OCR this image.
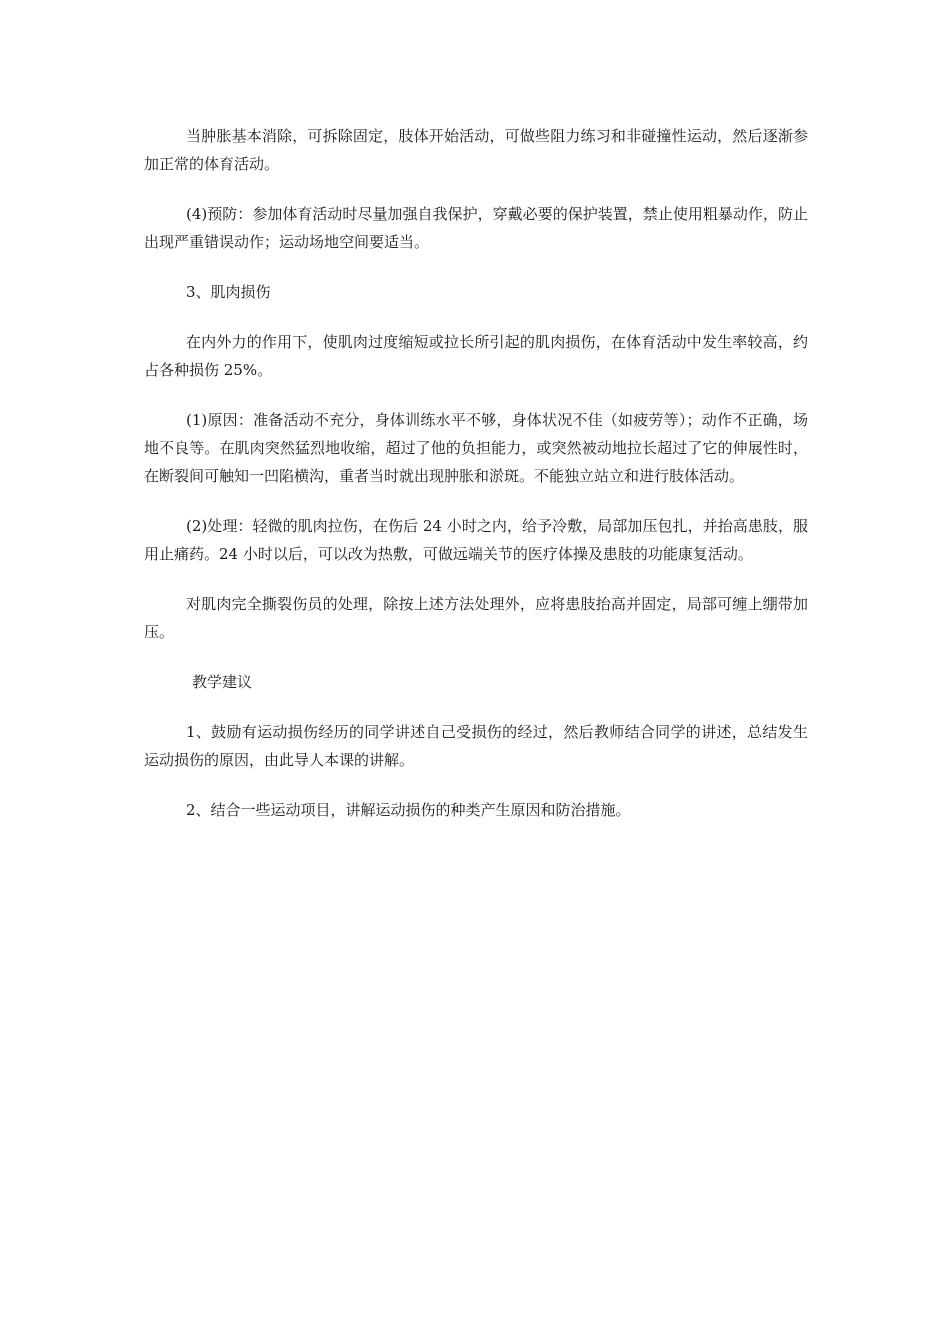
当肿胀基本消除，可拆除固定，肢体开始活动，可做些阻力练习和非碰撞性运动，然后逐渐参加正常的体育活动。

(4)预防：参加体育活动时尽量加强自我保护，穿戴必要的保护装置，禁止使用粗暴动作，防止出现严重错误动作；运动场地空间要适当。

3、肌肉损伤

在内外力的作用下，使肌肉过度缩短或拉长所引起的肌肉损伤，在体育活动中发生率较高，约占各种损伤 25%。

(1)原因：准备活动不充分，身体训练水平不够，身体状况不佳（如疲劳等）；动作不正确，场地不良等。在肌肉突然猛烈地收缩，超过了他的负担能力，或突然被动地拉长超过了它的伸展性时，在断裂间可触知一凹陷横沟，重者当时就出现肿胀和淤斑。不能独立站立和进行肢体活动。

(2)处理：轻微的肌肉拉伤，在伤后 24 小时之内，给予冷敷，局部加压包扎，并抬高患肢，服用止痛药。24 小时以后，可以改为热敷，可做远端关节的医疗体操及患肢的功能康复活动。

对肌肉完全撕裂伤员的处理，除按上述方法处理外，应将患肢抬高并固定，局部可缠上绷带加压。

教学建议

1、鼓励有运动损伤经历的同学讲述自己受损伤的经过，然后教师结合同学的讲述，总结发生运动损伤的原因，由此导人本课的讲解。

2、结合一些运动项目，讲解运动损伤的种类产生原因和防治措施。
